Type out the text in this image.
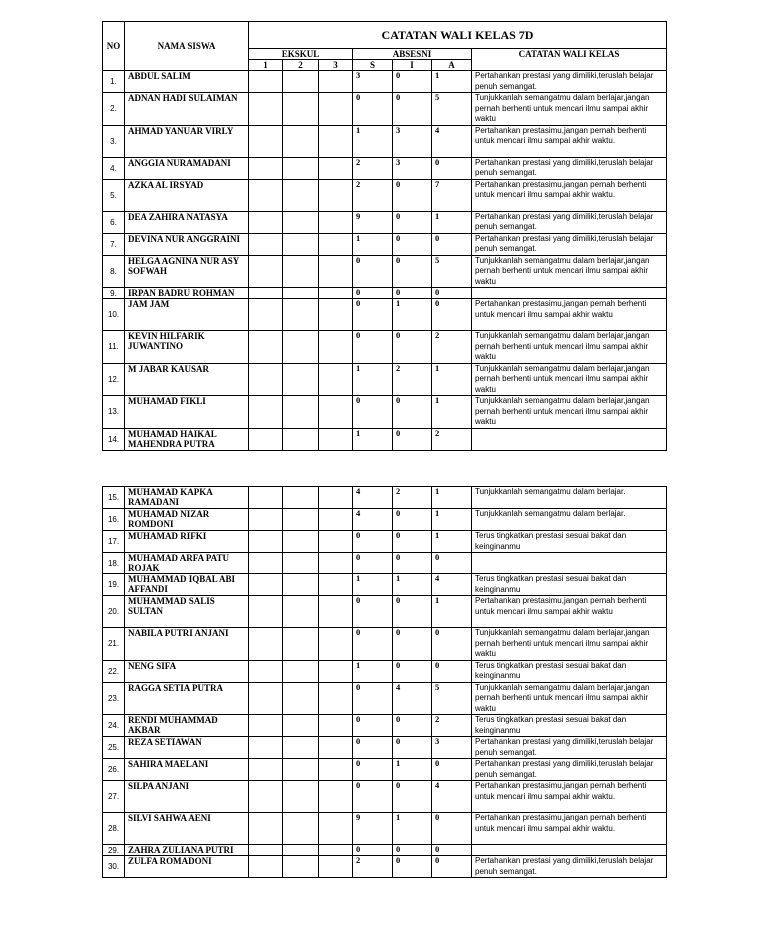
NO	NAMA SISWA	CATATAN WALI KELAS 7D						
		EKSKUL			ABSESNI			CATATAN WALI KELAS
		1	2	3	S	I	A	
1.	ABDUL SALIM				3	0	1	Pertahankan prestasi yang dimiliki,teruslah belajar penuh semangat.
2.	ADNAN HADI SULAIMAN				0	0	5	Tunjukkanlah semangatmu dalam berlajar,jangan pernah berhenti untuk mencari ilmu sampai akhir waktu
3.	AHMAD YANUAR VIRLY				1	3	4	Pertahankan prestasimu,jangan pernah berhenti untuk mencari ilmu sampai akhir waktu.
4.	ANGGIA NURAMADANI				2	3	0	Pertahankan prestasi yang dimiliki,teruslah belajar penuh semangat.
5.	AZKA AL IRSYAD				2	0	7	Pertahankan prestasimu,jangan pernah berhenti untuk mencari ilmu sampai akhir waktu.
6.	DEA ZAHIRA NATASYA				9	0	1	Pertahankan prestasi yang dimiliki,teruslah belajar penuh semangat.
7.	DEVINA NUR ANGGRAINI				1	0	0	Pertahankan prestasi yang dimiliki,teruslah belajar penuh semangat.
8.	HELGA AGNINA NUR ASY SOFWAH				0	0	5	Tunjukkanlah semangatmu dalam berlajar,jangan pernah berhenti untuk mencari ilmu sampai akhir waktu
9.	IRPAN BADRU ROHMAN				0	0	0	
10.	JAM JAM				0	1	0	Pertahankan prestasimu,jangan pernah berhenti untuk mencari ilmu sampai akhir waktu
11.	KEVIN HILFARIK JUWANTINO				0	0	2	Tunjukkanlah semangatmu dalam berlajar,jangan pernah berhenti untuk mencari ilmu sampai akhir waktu
12.	M JABAR KAUSAR				1	2	1	Tunjukkanlah semangatmu dalam berlajar,jangan pernah berhenti untuk mencari ilmu sampai akhir waktu
13.	MUHAMAD FIKLI				0	0	1	Tunjukkanlah semangatmu dalam berlajar,jangan pernah berhenti untuk mencari ilmu sampai akhir waktu
14.	MUHAMAD HAIKAL MAHENDRA PUTRA				1	0	2	
15.	MUHAMAD KAPKA RAMADANI				4	2	1	Tunjukkanlah semangatmu dalam berlajar.
16.	MUHAMAD NIZAR ROMDONI				4	0	1	Tunjukkanlah semangatmu dalam berlajar.
17.	MUHAMAD RIFKI				0	0	1	Terus tingkatkan prestasi sesuai bakat dan keinginanmu
18.	MUHAMAD ARFA PATU ROJAK				0	0	0	
19.	MUHAMMAD IQBAL ABI AFFANDI				1	1	4	Terus tingkatkan prestasi sesuai bakat dan keinginanmu
20.	MUHAMMAD SALIS SULTAN				0	0	1	Pertahankan prestasimu,jangan pernah berhenti untuk mencari ilmu sampai akhir waktu
21.	NABILA PUTRI ANJANI				0	0	0	Tunjukkanlah semangatmu dalam berlajar,jangan pernah berhenti untuk mencari ilmu sampai akhir waktu
22.	NENG SIFA				1	0	0	Terus tingkatkan prestasi sesuai bakat dan keinginanmu
23.	RAGGA SETIA PUTRA				0	4	5	Tunjukkanlah semangatmu dalam berlajar,jangan pernah berhenti untuk mencari ilmu sampai akhir waktu
24.	RENDI MUHAMMAD AKBAR				0	0	2	Terus tingkatkan prestasi sesuai bakat dan keinginanmu
25.	REZA SETIAWAN				0	0	3	Pertahankan prestasi yang dimiliki,teruslah belajar penuh semangat.
26.	SAHIRA MAELANI				0	1	0	Pertahankan prestasi yang dimiliki,teruslah belajar penuh semangat.
27.	SILPA ANJANI				0	0	4	Pertahankan prestasimu,jangan pernah berhenti untuk mencari ilmu sampai akhir waktu.
28.	SILVI SAHWA AENI				9	1	0	Pertahankan prestasimu,jangan pernah berhenti untuk mencari ilmu sampai akhir waktu.
29.	ZAHRA ZULIANA PUTRI				0	0	0	
30.	ZULFA ROMADONI				2	0	0	Pertahankan prestasi yang dimiliki,teruslah belajar penuh semangat.
